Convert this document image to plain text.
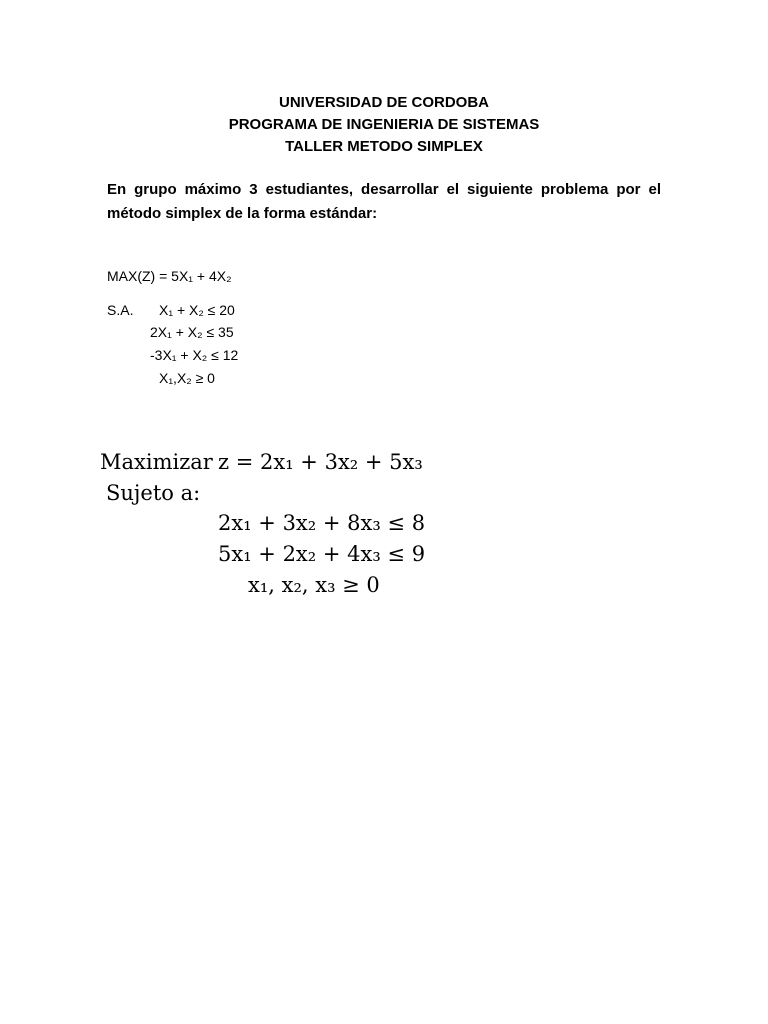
UNIVERSIDAD DE CORDOBA
PROGRAMA DE INGENIERIA DE SISTEMAS
TALLER METODO SIMPLEX
En grupo máximo 3 estudiantes, desarrollar el siguiente problema por el
método simplex de la forma estándar:
MAX(Z) = 5X₁ + 4X₂
S.A. X₁ + X₂ ≤ 20
2X₁ + X₂ ≤ 35
-3X₁ + X₂ ≤ 12
X₁,X₂ ≥ 0
Maximizar z = 2x₁ + 3x₂ + 5x₃
Sujeto a:
2x₁ + 3x₂ + 8x₃ ≤ 8
5x₁ + 2x₂ + 4x₃ ≤ 9
x₁, x₂, x₃ ≥ 0
